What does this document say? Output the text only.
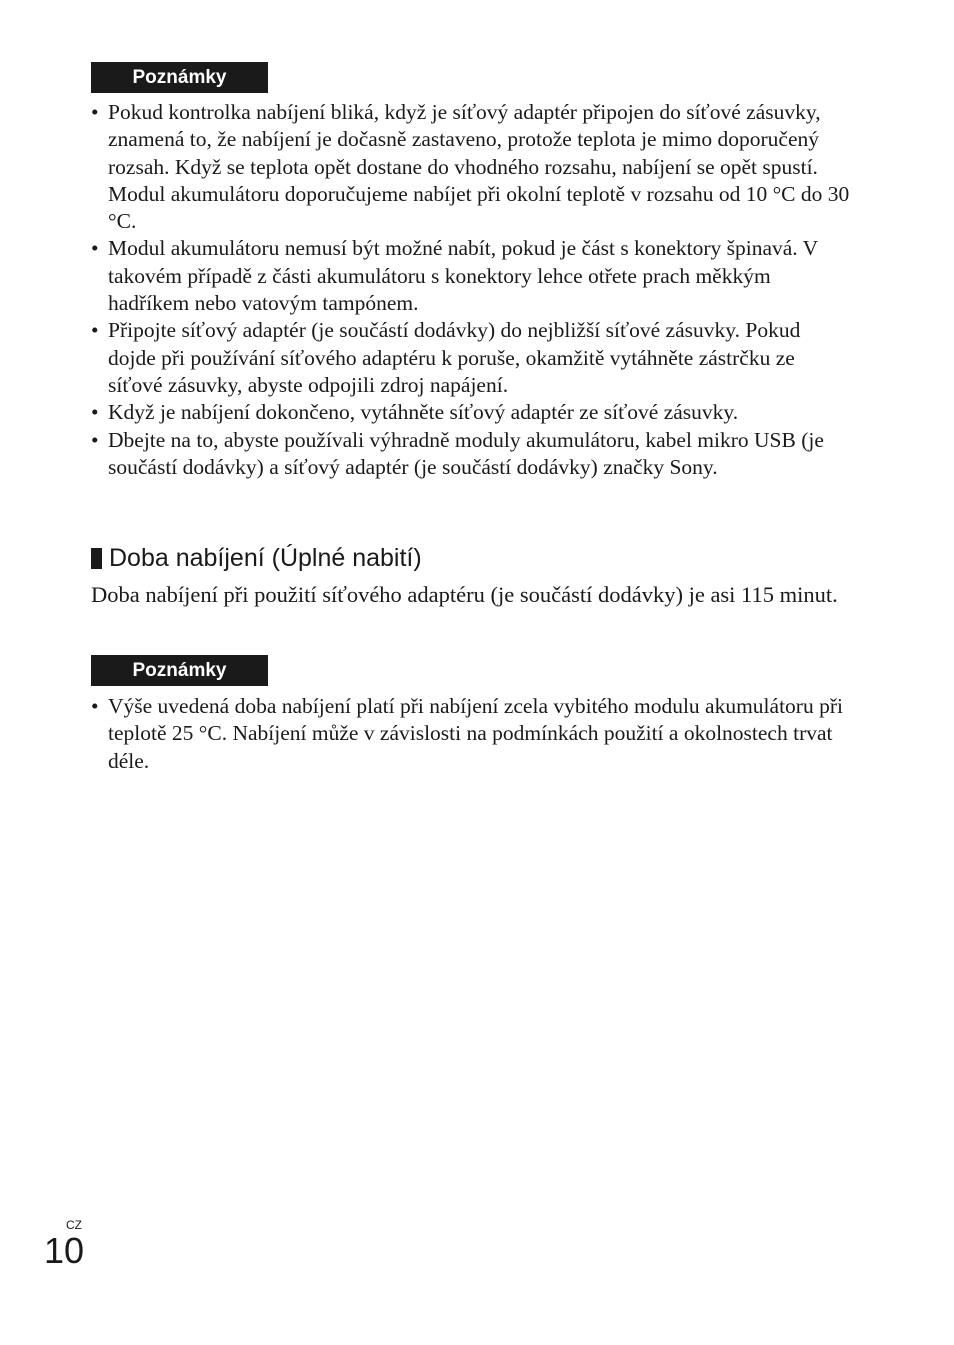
Poznámky
• Pokud kontrolka nabíjení bliká, když je síťový adaptér připojen do síťové zásuvky, znamená to, že nabíjení je dočasně zastaveno, protože teplota je mimo doporučený rozsah. Když se teplota opět dostane do vhodného rozsahu, nabíjení se opět spustí. Modul akumulátoru doporučujeme nabíjet při okolní teplotě v rozsahu od 10 °C do 30 °C.
• Modul akumulátoru nemusí být možné nabít, pokud je část s konektory špinavá. V takovém případě z části akumulátoru s konektory lehce otřete prach měkkým hadříkem nebo vatovým tampónem.
• Připojte síťový adaptér (je součástí dodávky) do nejbližší síťové zásuvky. Pokud dojde při používání síťového adaptéru k poruše, okamžitě vytáhněte zástrčku ze síťové zásuvky, abyste odpojili zdroj napájení.
• Když je nabíjení dokončeno, vytáhněte síťový adaptér ze síťové zásuvky.
• Dbejte na to, abyste používali výhradně moduly akumulátoru, kabel mikro USB (je součástí dodávky) a síťový adaptér (je součástí dodávky) značky Sony.
Doba nabíjení (Úplné nabití)

Doba nabíjení při použití síťového adaptéru (je součástí dodávky) je asi 115 minut.

Poznámky
• Výše uvedená doba nabíjení platí při nabíjení zcela vybitého modulu akumulátoru při teplotě 25 °C. Nabíjení může v závislosti na podmínkách použití a okolnostech trvat déle.
CZ
10
